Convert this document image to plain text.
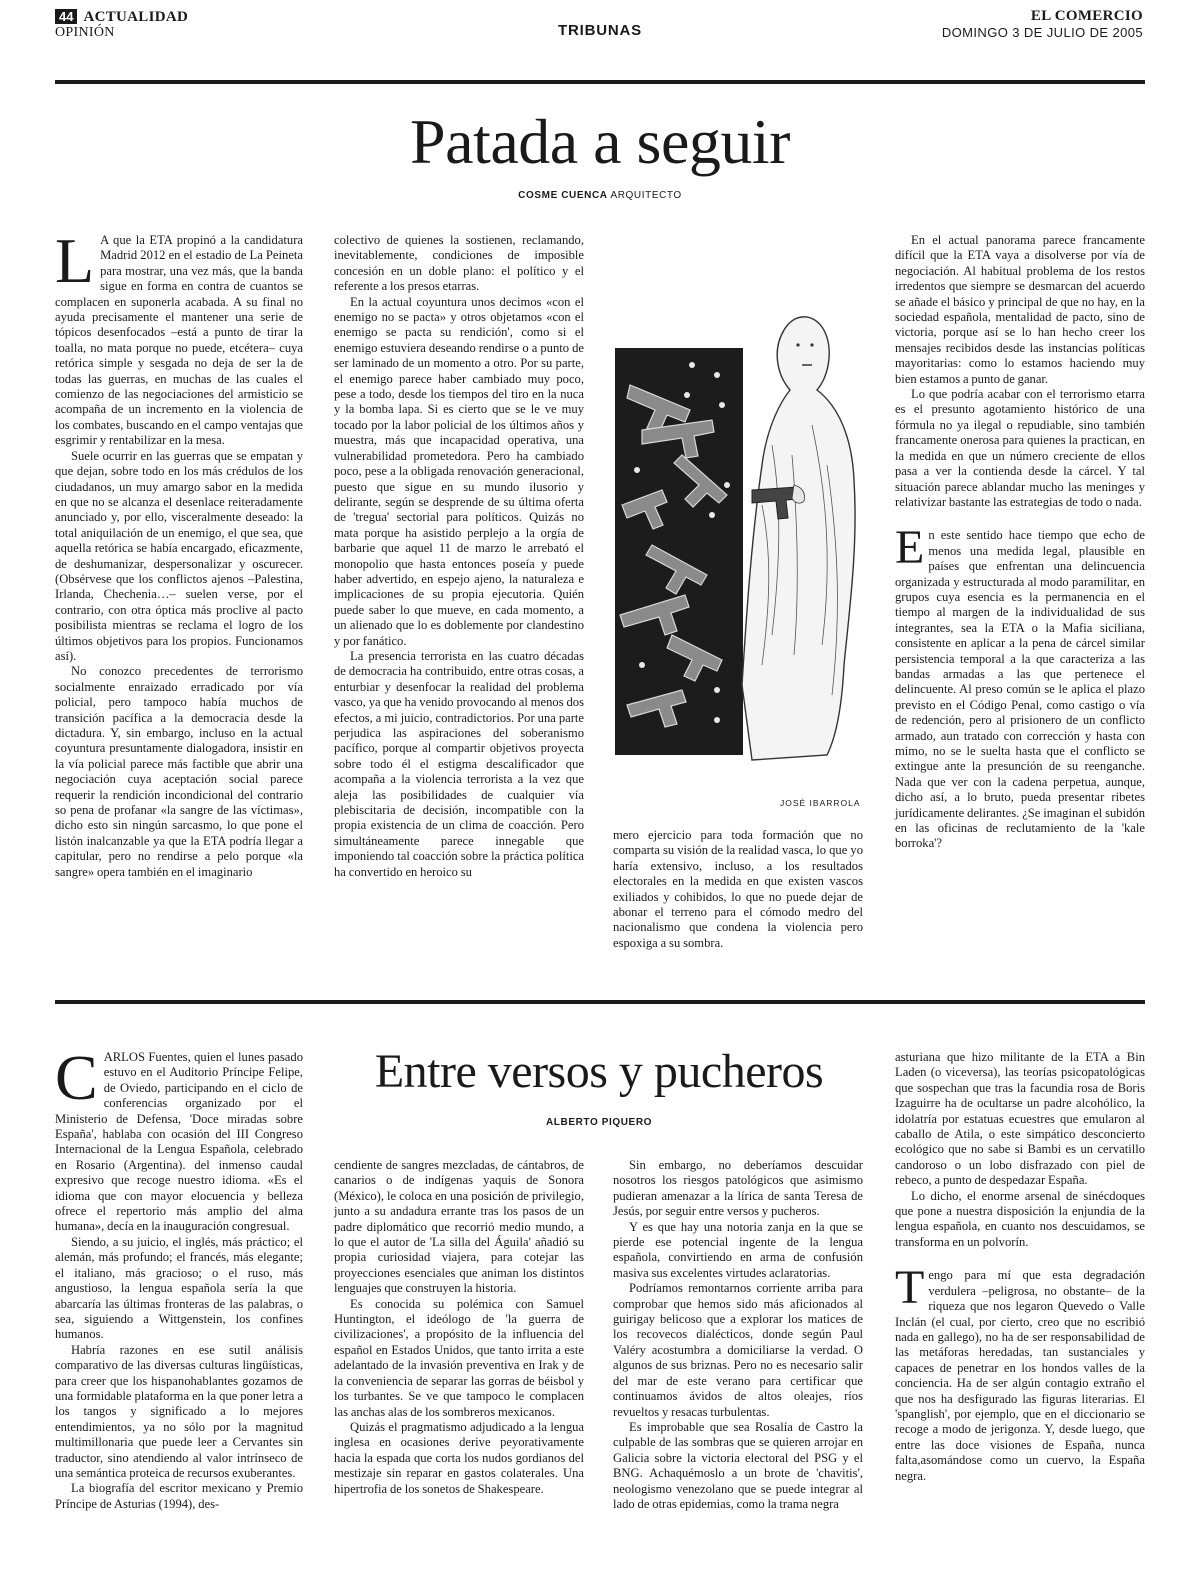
44 ACTUALIDAD
OPINIÓN	TRIBUNAS
EL COMERCIO
DOMINGO 3 DE JULIO DE 2005
Patada a seguir
COSME CUENCA ARQUITECTO

L A que la ETA propinó a la candidatura Madrid 2012 en el estadio de La Peineta para mostrar, una vez más, que la banda sigue en forma en contra de cuantos se complacen en suponerla acabada. A su final no ayuda precisamente el mantener una serie de tópicos desenfocados –está a punto de tirar la toalla, no mata porque no puede, etcétera– cuya retórica simple y sesgada no deja de ser la de todas las guerras, en muchas de las cuales el comienzo de las negociaciones del armisticio se acompaña de un incremento en la violencia de los combates, buscando en el campo ventajas que esgrimir y rentabilizar en la mesa.

Suele ocurrir en las guerras que se empatan y que dejan, sobre todo en los más crédulos de los ciudadanos, un muy amargo sabor en la medida en que no se alcanza el desenlace reiteradamente anunciado y, por ello, visceralmente deseado: la total aniquilación de un enemigo, el que sea, que aquella retórica se había encargado, eficazmente, de deshumanizar, despersonalizar y oscurecer. (Obsérvese que los conflictos ajenos –Palestina, Irlanda, Chechenia…– suelen verse, por el contrario, con otra óptica más proclive al pacto posibilista mientras se reclama el logro de los últimos objetivos para los propios. Funcionamos así).

No conozco precedentes de terrorismo socialmente enraizado erradicado por vía policial, pero tampoco había muchos de transición pacífica a la democracia desde la dictadura. Y, sin embargo, incluso en la actual coyuntura presuntamente dialogadora, insistir en la vía policial parece más factible que abrir una negociación cuya aceptación social parece requerir la rendición incondicional del contrario so pena de profanar «la sangre de las víctimas», dicho esto sin ningún sarcasmo, lo que pone el listón inalcanzable ya que la ETA podría llegar a capitular, pero no rendirse a pelo porque «la sangre» opera también en el imaginario

colectivo de quienes la sostienen, reclamando, inevitablemente, condiciones de imposible concesión en un doble plano: el político y el referente a los presos etarras.

En la actual coyuntura unos decimos «con el enemigo no se pacta» y otros objetamos «con el enemigo se pacta su rendición', como si el enemigo estuviera deseando rendirse o a punto de ser laminado de un momento a otro. Por su parte, el enemigo parece haber cambiado muy poco, pese a todo, desde los tiempos del tiro en la nuca y la bomba lapa. Si es cierto que se le ve muy tocado por la labor policial de los últimos años y muestra, más que incapacidad operativa, una vulnerabilidad prometedora. Pero ha cambiado poco, pese a la obligada renovación generacional, puesto que sigue en su mundo ilusorio y delirante, según se desprende de su última oferta de 'tregua' sectorial para políticos. Quizás no mata porque ha asistido perplejo a la orgía de barbarie que aquel 11 de marzo le arrebató el monopolio que hasta entonces poseía y puede haber advertido, en espejo ajeno, la naturaleza e implicaciones de su propia ejecutoria. Quién puede saber lo que mueve, en cada momento, a un alienado que lo es doblemente por clandestino y por fanático.

La presencia terrorista en las cuatro décadas de democracia ha contribuido, entre otras cosas, a enturbiar y desenfocar la realidad del problema vasco, ya que ha venido provocando al menos dos efectos, a mi juicio, contradictorios. Por una parte perjudica las aspiraciones del soberanismo pacífico, porque al compartir objetivos proyecta sobre todo él el estigma descalificador que acompaña a la violencia terrorista a la vez que aleja las posibilidades de cualquier vía plebiscitaria de decisión, incompatible con la propia existencia de un clima de coacción. Pero simultáneamente parece innegable que imponiendo tal coacción sobre la práctica política ha convertido en heroico su

JOSÉ IBARROLA

mero ejercicio para toda formación que no comparta su visión de la realidad vasca, lo que yo haría extensivo, incluso, a los resultados electorales en la medida en que existen vascos exiliados y cohibidos, lo que no puede dejar de abonar el terreno para el cómodo medro del nacionalismo que condena la violencia pero espoxiga a su sombra.

En el actual panorama parece francamente difícil que la ETA vaya a disolverse por vía de negociación. Al habitual problema de los restos irredentos que siempre se desmarcan del acuerdo se añade el básico y principal de que no hay, en la sociedad española, mentalidad de pacto, sino de victoria, porque así se lo han hecho creer los mensajes recibidos desde las instancias políticas mayoritarias: como lo estamos haciendo muy bien estamos a punto de ganar.

Lo que podría acabar con el terrorismo etarra es el presunto agotamiento histórico de una fórmula no ya ilegal o repudiable, sino también francamente onerosa para quienes la practican, en la medida en que un número creciente de ellos pasa a ver la contienda desde la cárcel. Y tal situación parece ablandar mucho las meninges y relativizar bastante las estrategias de todo o nada.

En este sentido hace tiempo que echo de menos una medida legal, plausible en países que enfrentan una delincuencia organizada y estructurada al modo paramilitar, en grupos cuya esencia es la permanencia en el tiempo al margen de la individualidad de sus integrantes, sea la ETA o la Mafia siciliana, consistente en aplicar a la pena de cárcel similar persistencia temporal a la que caracteriza a las bandas armadas a las que pertenece el delincuente. Al preso común se le aplica el plazo previsto en el Código Penal, como castigo o vía de redención, pero al prisionero de un conflicto armado, aun tratado con corrección y hasta con mimo, no se le suelta hasta que el conflicto se extingue ante la presunción de su reenganche. Nada que ver con la cadena perpetua, aunque, dicho así, a lo bruto, pueda presentar ribetes jurídicamente delirantes. ¿Se imaginan el subidón en las oficinas de reclutamiento de la 'kale borroka'?

Entre versos y pucheros
ALBERTO PIQUERO

CARLOS Fuentes, quien el lunes pasado estuvo en el Auditorio Príncipe Felipe, de Oviedo, participando en el ciclo de conferencias organizado por el Ministerio de Defensa, 'Doce miradas sobre España', hablaba con ocasión del III Congreso Internacional de la Lengua Española, celebrado en Rosario (Argentina). del inmenso caudal expresivo que recoge nuestro idioma. «Es el idioma que con mayor elocuencia y belleza ofrece el repertorio más amplio del alma humana», decía en la inauguración congresual.

Siendo, a su juicio, el inglés, más práctico; el alemán, más profundo; el francés, más elegante; el italiano, más gracioso; o el ruso, más angustioso, la lengua española sería la que abarcaría las últimas fronteras de las palabras, o sea, siguiendo a Wittgenstein, los confines humanos.

Habría razones en ese sutil análisis comparativo de las diversas culturas lingüísticas, para creer que los hispanohablantes gozamos de una formidable plataforma en la que poner letra a los tangos y significado a lo mejores entendimientos, ya no sólo por la magnitud multimillonaria que puede leer a Cervantes sin traductor, sino atendiendo al valor intrínseco de una semántica proteica de recursos exuberantes.

La biografía del escritor mexicano y Premio Príncipe de Asturias (1994), des-

cendiente de sangres mezcladas, de cántabros, de canarios o de indígenas yaquis de Sonora (México), le coloca en una posición de privilegio, junto a su andadura errante tras los pasos de un padre diplomático que recorrió medio mundo, a lo que el autor de 'La silla del Águila' añadió su propia curiosidad viajera, para cotejar las proyecciones esenciales que animan los distintos lenguajes que construyen la historia.

Es conocida su polémica con Samuel Huntington, el ideólogo de 'la guerra de civilizaciones', a propósito de la influencia del español en Estados Unidos, que tanto irrita a este adelantado de la invasión preventiva en Irak y de la conveniencia de separar las gorras de béisbol y los turbantes. Se ve que tampoco le complacen las anchas alas de los sombreros mexicanos.

Quizás el pragmatismo adjudicado a la lengua inglesa en ocasiones derive peyorativamente hacia la espada que corta los nudos gordianos del mestizaje sin reparar en gastos colaterales. Una hipertrofia de los sonetos de Shakespeare.

Sin embargo, no deberíamos descuidar nosotros los riesgos patológicos que asimismo pudieran amenazar a la lírica de santa Teresa de Jesús, por seguir entre versos y pucheros.

Y es que hay una notoria zanja en la que se pierde ese potencial ingente de la lengua española, convirtiendo en arma de confusión masiva sus excelentes virtudes aclaratorias.

Podríamos remontarnos corriente arriba para comprobar que hemos sido más aficionados al guirigay belicoso que a explorar los matices de los recovecos dialécticos, donde según Paul Valéry acostumbra a domiciliarse la verdad. O algunos de sus briznas. Pero no es necesario salir del mar de este verano para certificar que continuamos ávidos de altos oleajes, ríos revueltos y resacas turbulentas.

Es improbable que sea Rosalía de Castro la culpable de las sombras que se quieren arrojar en Galicia sobre la victoria electoral del PSG y el BNG. Achaquémoslo a un brote de 'chavitis', neologismo venezolano que se puede integrar al lado de otras epidemias, como la trama negra

asturiana que hizo militante de la ETA a Bin Laden (o viceversa), las teorías psicopatológicas que sospechan que tras la facundia rosa de Boris Izaguirre ha de ocultarse un padre alcohólico, la idolatría por estatuas ecuestres que emularon al caballo de Atila, o este simpático desconcierto ecológico que no sabe si Bambi es un cervatillo candoroso o un lobo disfrazado con piel de rebeco, a punto de despedazar España.

Lo dicho, el enorme arsenal de sinécdoques que pone a nuestra disposición la enjundia de la lengua española, en cuanto nos descuidamos, se transforma en un polvorín.

Tengo para mí que esta degradación verdulera –peligrosa, no obstante– de la riqueza que nos legaron Quevedo o Valle Inclán (el cual, por cierto, creo que no escribió nada en gallego), no ha de ser responsabilidad de las metáforas heredadas, tan sustanciales y capaces de penetrar en los hondos valles de la conciencia. Ha de ser algún contagio extraño el que nos ha desfigurado las figuras literarias. El 'spanglish', por ejemplo, que en el diccionario se recoge a modo de jerigonza. Y, desde luego, que entre las doce visiones de España, nunca falta,asomándose como un cuervo, la España negra.
